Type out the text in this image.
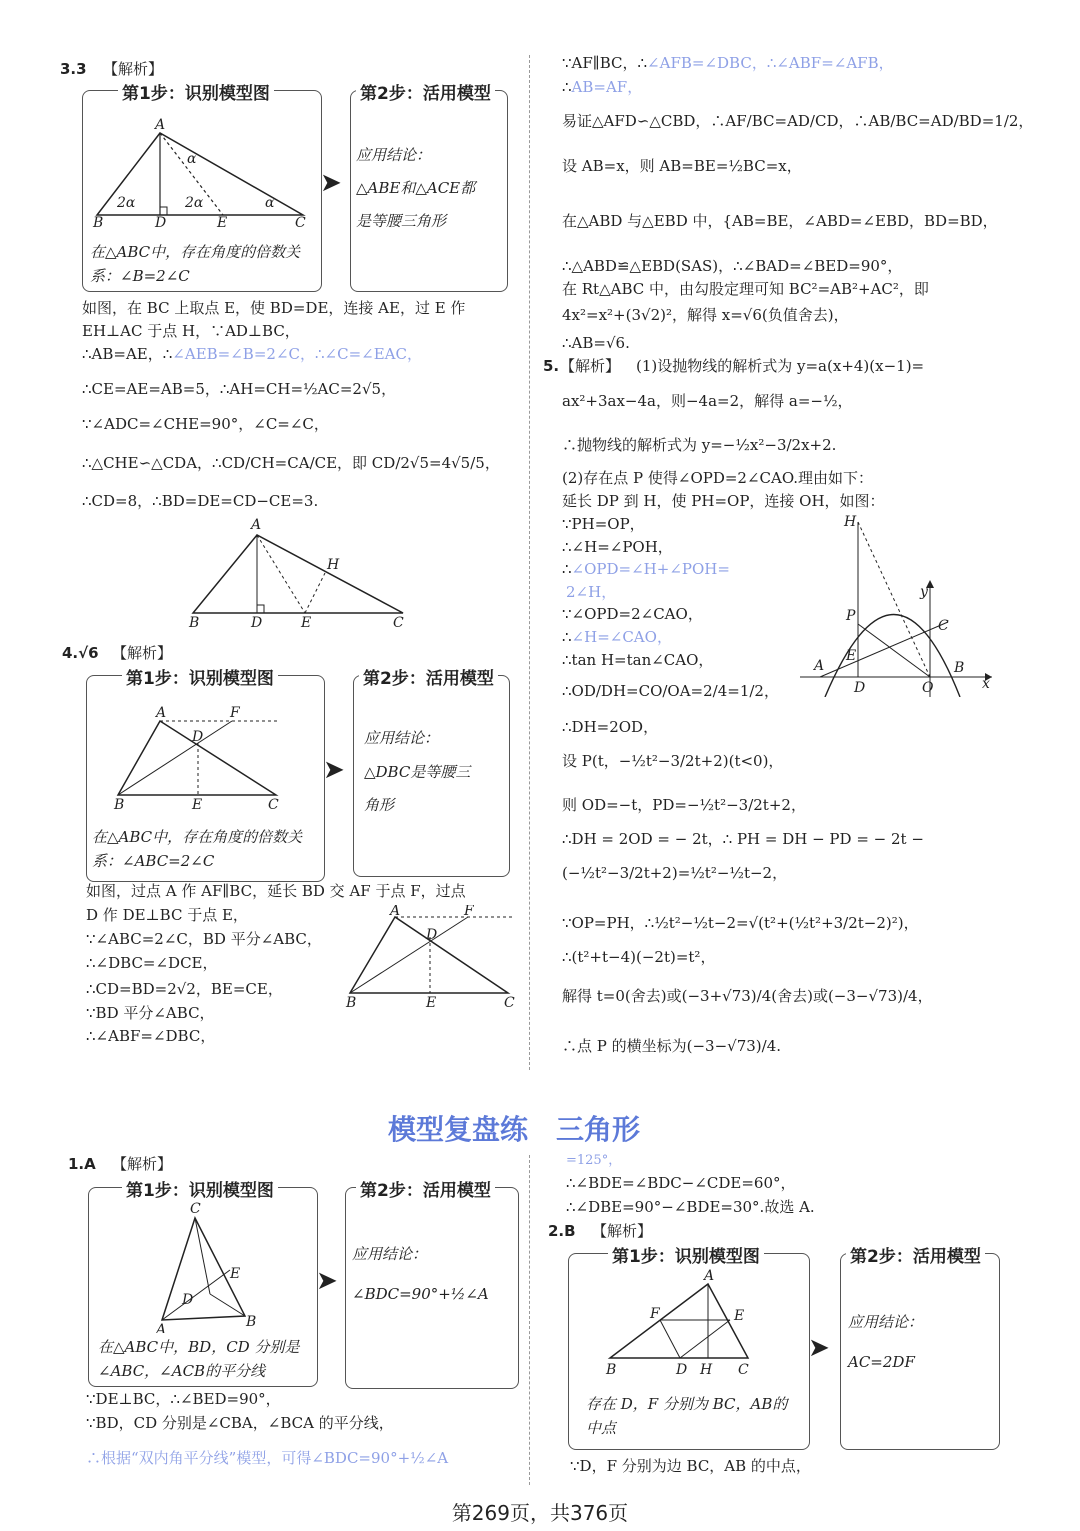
3.3 【解析】
第1步：识别模型图
A
B	D	E	C
2α	2α	α
α
在△ABC中，存在角度的倍数关
系：∠B=2∠C
➤
第2步：活用模型
应用结论：
△ABE和△ACE都
是等腰三角形
如图，在 BC 上取点 E，使 BD=DE，连接 AE，过 E 作
EH⊥AC 于点 H，∵AD⊥BC，
∴AB=AE，∴∠AEB=∠B=2∠C，∴∠C=∠EAC，
∴CE=AE=AB=5，∴AH=CH=½AC=2√5，
∵∠ADC=∠CHE=90°，∠C=∠C，
∴△CHE∽△CDA，∴CD/CH=CA/CE，即 CD/2√5=4√5/5，
∴CD=8，∴BD=DE=CD−CE=3.
A
B	D	E	C
H
4.√6 【解析】
第1步：识别模型图
A	F
D
B	E	C
在△ABC中，存在角度的倍数关
系：∠ABC=2∠C
➤
第2步：活用模型
应用结论：
△DBC是等腰三
角形
如图，过点 A 作 AF∥BC，延长 BD 交 AF 于点 F，过点
D 作 DE⊥BC 于点 E，
∵∠ABC=2∠C，BD 平分∠ABC，
∴∠DBC=∠DCE，
∴CD=BD=2√2，BE=CE，
∵BD 平分∠ABC，
∴∠ABF=∠DBC，
A	F
D
B	E	C
∵AF∥BC，∴∠AFB=∠DBC，∴∠ABF=∠AFB，
∴AB=AF，
易证△AFD∽△CBD，∴AF/BC=AD/CD，∴AB/BC=AD/BD=1/2，
设 AB=x，则 AB=BE=½BC=x，
在△ABD 与△EBD 中，{AB=BE，∠ABD=∠EBD，BD=BD，
∴△ABD≌△EBD(SAS)，∴∠BAD=∠BED=90°，
在 Rt△ABC 中，由勾股定理可知 BC²=AB²+AC²，即
4x²=x²+(3√2)²，解得 x=√6(负值舍去)，
∴AB=√6.
5. 【解析】 (1)设抛物线的解析式为 y=a(x+4)(x−1)=
ax²+3ax−4a，则−4a=2，解得 a=−½，
∴抛物线的解析式为 y=−½x²−3/2x+2.
(2)存在点 P 使得∠OPD=2∠CAO.理由如下：
延长 DP 到 H，使 PH=OP，连接 OH，如图：
∵PH=OP，
∴∠H=∠POH，
∴∠OPD=∠H+∠POH=
2∠H，
∵∠OPD=2∠CAO，
∴∠H=∠CAO，
∴tan H=tan∠CAO，
∴OD/DH=CO/OA=2/4=1/2，
∴DH=2OD，
设 P(t，−½t²−3/2t+2)(t<0)，
则 OD=−t，PD=−½t²−3/2t+2，
∴DH = 2OD = − 2t，∴ PH = DH − PD = − 2t −
(−½t²−3/2t+2)=½t²−½t−2，
∵OP=PH，∴½t²−½t−2=√(t²+(½t²+3/2t−2)²)，
∴(t²+t−4)(−2t)=t²，
解得 t=0(舍去)或(−3+√73)/4(舍去)或(−3−√73)/4，
∴点 P 的横坐标为(−3−√73)/4.
H
y
P
C
E
A	B
D	O	x
模型复盘练　三角形
1.A 【解析】
第1步：识别模型图
C
E
D
A	B
在△ABC中，BD，CD 分别是
∠ABC，∠ACB的平分线
➤
第2步：活用模型
应用结论：
∠BDC=90°+½∠A
∵DE⊥BC，∴∠BED=90°，
∵BD，CD 分别是∠CBA，∠BCA 的平分线，
∴根据“双内角平分线”模型，可得∠BDC=90°+½∠A
=125°，
∴∠BDE=∠BDC−∠CDE=60°，
∴∠DBE=90°−∠BDE=30°.故选 A.
2.B 【解析】
第1步：识别模型图
A
F	E
B	D H C
存在 D，F 分别为 BC，AB的
中点
➤
第2步：活用模型
应用结论：
AC=2DF
∵D，F 分别为边 BC，AB 的中点，
第269页，共376页
